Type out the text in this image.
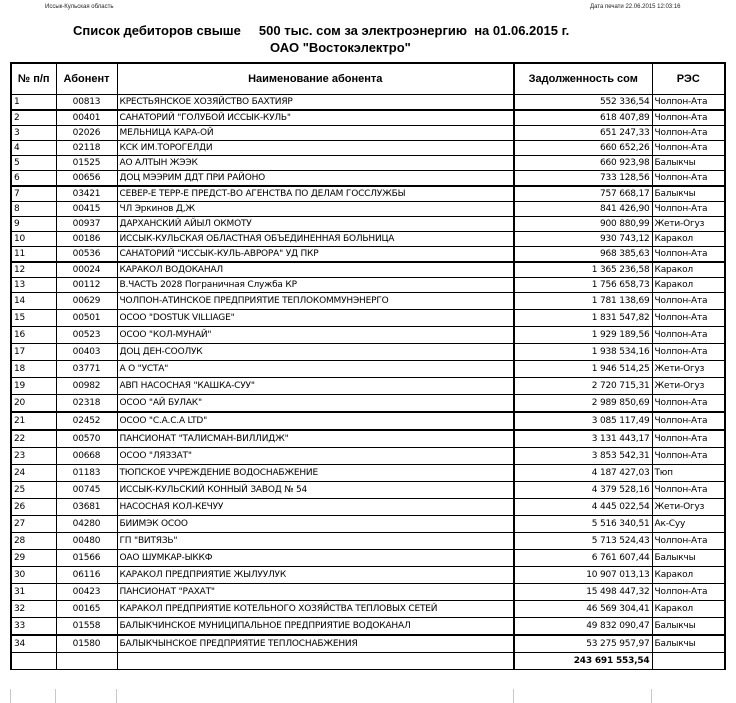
Иссык-Кульская область	Дата печати 22.06.2015 12:03:16
Список дебиторов свыше     500 тыс. сом за электроэнергию  на 01.06.2015 г.
ОАО "Востокэлектро"
№ п/п	Абонент	Наименование абонента	Задолженность сом	РЭС
1	00813	КРЕСТЬЯНСКОЕ ХОЗЯЙСТВО БАХТИЯР	552 336,54	Чолпон-Ата
2	00401	САНАТОРИЙ "ГОЛУБОЙ ИССЫК-КУЛЬ"	618 407,89	Чолпон-Ата
3	02026	МЕЛЬНИЦА КАРА-ОЙ	651 247,33	Чолпон-Ата
4	02118	КСК ИМ.ТОРОГЕЛДИ	660 652,26	Чолпон-Ата
5	01525	АО АЛТЫН ЖЭЭК	660 923,98	Балыкчы
6	00656	ДОЦ МЭЭРИМ ДДТ ПРИ РАЙОНО	733 128,56	Чолпон-Ата
7	03421	СЕВЕР-Е ТЕРР-Е ПРЕДСТ-ВО АГЕНСТВА ПО ДЕЛАМ ГОССЛУЖБЫ	757 668,17	Балыкчы
8	00415	ЧЛ Эркинов Д,Ж	841 426,90	Чолпон-Ата
9	00937	ДАРХАНСКИЙ АЙЫЛ ОКМОТУ	900 880,99	Жети-Огуз
10	00186	ИССЫК-КУЛЬСКАЯ ОБЛАСТНАЯ ОБЪЕДИНЕННАЯ БОЛЬНИЦА	930 743,12	Каракол
11	00536	САНАТОРИЙ "ИССЫК-КУЛЬ-АВРОРА" УД ПКР	968 385,63	Чолпон-Ата
12	00024	КАРАКОЛ ВОДОКАНАЛ	1 365 236,58	Каракол
13	00112	В.ЧАСТЬ 2028 Пограничная Служба КР	1 756 658,73	Каракол
14	00629	ЧОЛПОН-АТИНСКОЕ ПРЕДПРИЯТИЕ ТЕПЛОКОММУНЭНЕРГО	1 781 138,69	Чолпон-Ата
15	00501	ОСОО "DOSTUK VILLIAGE"	1 831 547,82	Чолпон-Ата
16	00523	ОСОО "КОЛ-МУНАЙ"	1 929 189,56	Чолпон-Ата
17	00403	ДОЦ ДЕН-СООЛУК	1 938 534,16	Чолпон-Ата
18	03771	А О "УСТА"	1 946 514,25	Жети-Огуз
19	00982	АВП НАСОСНАЯ "КАШКА-СУУ"	2 720 715,31	Жети-Огуз
20	02318	ОСОО "АЙ БУЛАК"	2 989 850,69	Чолпон-Ата
21	02452	ОСОО "С.А.С.А LTD"	3 085 117,49	Чолпон-Ата
22	00570	ПАНСИОНАТ "ТАЛИСМАН-ВИЛЛИДЖ"	3 131 443,17	Чолпон-Ата
23	00668	ОСОО "ЛЯЗЗАТ"	3 853 542,31	Чолпон-Ата
24	01183	ТЮПСКОЕ УЧРЕЖДЕНИЕ ВОДОСНАБЖЕНИЕ	4 187 427,03	Тюп
25	00745	ИССЫК-КУЛЬСКИЙ КОННЫЙ ЗАВОД № 54	4 379 528,16	Чолпон-Ата
26	03681	НАСОСНАЯ КОЛ-КЕЧУУ	4 445 022,54	Жети-Огуз
27	04280	БИИМЭК ОСОО	5 516 340,51	Ак-Суу
28	00480	ГП "ВИТЯЗЬ"	5 713 524,43	Чолпон-Ата
29	01566	ОАО ШУМКАР-ЫККФ	6 761 607,44	Балыкчы
30	06116	КАРАКОЛ ПРЕДПРИЯТИЕ ЖЫЛУУЛУК	10 907 013,13	Каракол
31	00423	ПАНСИОНАТ "РАХАТ"	15 498 447,32	Чолпон-Ата
32	00165	КАРАКОЛ ПРЕДПРИЯТИЕ КОТЕЛЬНОГО ХОЗЯЙСТВА ТЕПЛОВЫХ СЕТЕЙ	46 569 304,41	Каракол
33	01558	БАЛЫКЧИНСКОЕ МУНИЦИПАЛЬНОЕ ПРЕДПРИЯТИЕ ВОДОКАНАЛ	49 832 090,47	Балыкчы
34	01580	БАЛЫКЧЫНСКОЕ ПРЕДПРИЯТИЕ ТЕПЛОСНАБЖЕНИЯ	53 275 957,97	Балыкчы
			243 691 553,54	
